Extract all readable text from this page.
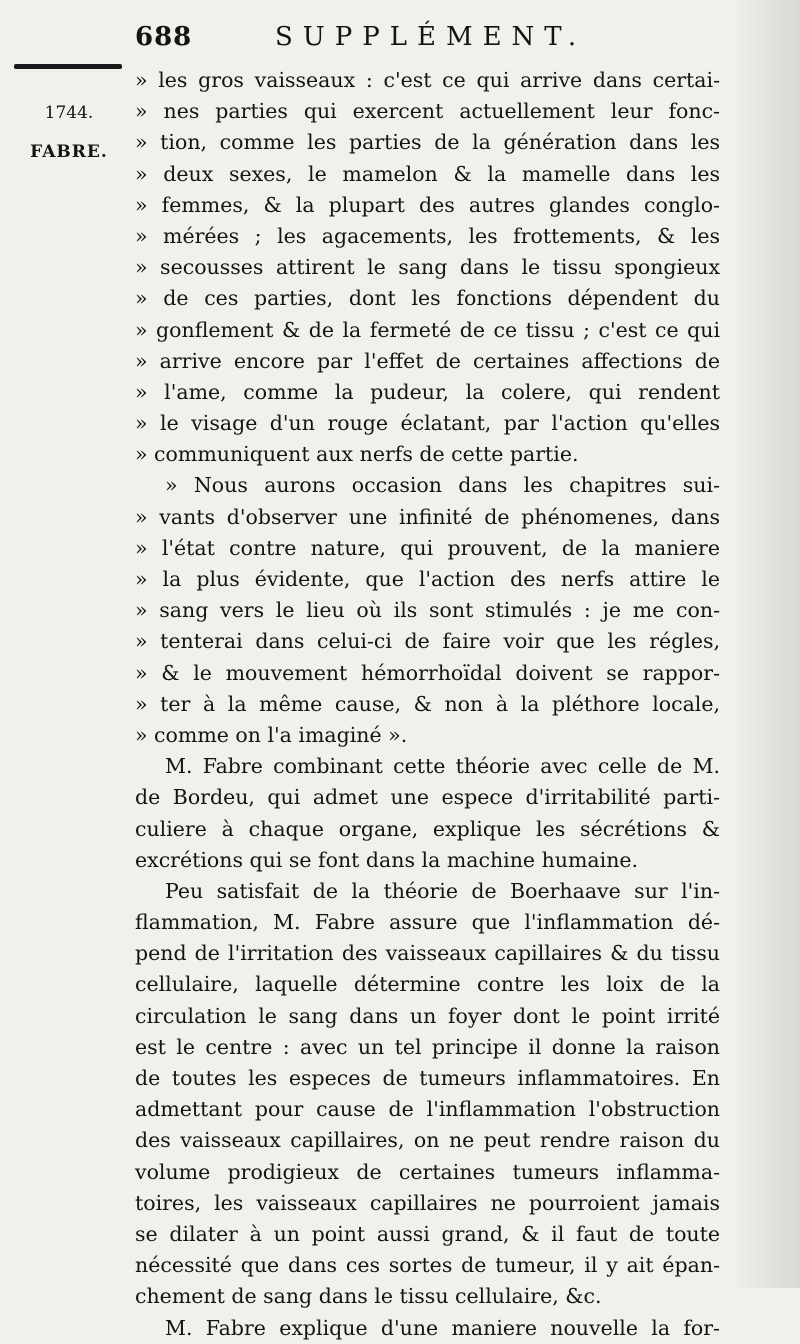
688	SUPPLÉMENT.
1744.
FABRE.
» les gros vaisseaux : c'est ce qui arrive dans certai-
» nes parties qui exercent actuellement leur fonc-
» tion, comme les parties de la génération dans les
» deux sexes, le mamelon & la mamelle dans les
» femmes, & la plupart des autres glandes conglo-
» mérées ; les agacements, les frottements, & les
» secousses attirent le sang dans le tissu spongieux
» de ces parties, dont les fonctions dépendent du
» gonflement & de la fermeté de ce tissu ; c'est ce qui
» arrive encore par l'effet de certaines affections de
» l'ame, comme la pudeur, la colere, qui rendent
» le visage d'un rouge éclatant, par l'action qu'elles
» communiquent aux nerfs de cette partie.
» Nous aurons occasion dans les chapitres sui-
» vants d'observer une infinité de phénomenes, dans
» l'état contre nature, qui prouvent, de la maniere
» la plus évidente, que l'action des nerfs attire le
» sang vers le lieu où ils sont stimulés : je me con-
» tenterai dans celui-ci de faire voir que les régles,
» & le mouvement hémorrhoïdal doivent se rappor-
» ter à la même cause, & non à la pléthore locale,
» comme on l'a imaginé ».
M. Fabre combinant cette théorie avec celle de M.
de Bordeu, qui admet une espece d'irritabilité parti-
culiere à chaque organe, explique les sécrétions &
excrétions qui se font dans la machine humaine.
Peu satisfait de la théorie de Boerhaave sur l'in-
flammation, M. Fabre assure que l'inflammation dé-
pend de l'irritation des vaisseaux capillaires & du tissu
cellulaire, laquelle détermine contre les loix de la
circulation le sang dans un foyer dont le point irrité
est le centre : avec un tel principe il donne la raison
de toutes les especes de tumeurs inflammatoires. En
admettant pour cause de l'inflammation l'obstruction
des vaisseaux capillaires, on ne peut rendre raison du
volume prodigieux de certaines tumeurs inflamma-
toires, les vaisseaux capillaires ne pourroient jamais
se dilater à un point aussi grand, & il faut de toute
nécessité que dans ces sortes de tumeur, il y ait épan-
chement de sang dans le tissu cellulaire, &c.
M. Fabre explique d'une maniere nouvelle la for-
